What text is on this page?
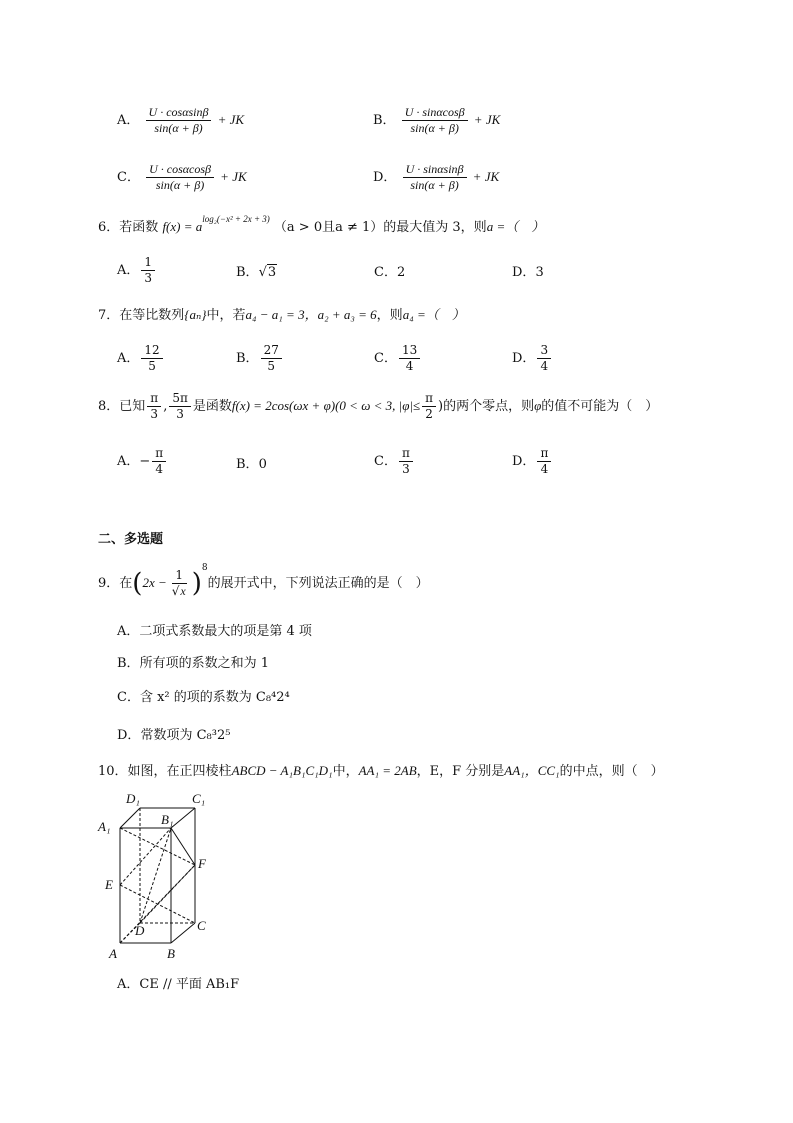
A． $\frac{U \cdot \cos\alpha\sin\beta}{\sin(\alpha + \beta)}$ + JK	B． $\frac{U \cdot \sin\alpha\cos\beta}{\sin(\alpha + \beta)}$ + JK
C． $\frac{U \cdot \cos\alpha\cos\beta}{\sin(\alpha + \beta)}$ + JK	D． $\frac{U \cdot \sin\alpha\sin\beta}{\sin(\alpha + \beta)}$ + JK
6．若函数 $f(x) = a^{log_2(-x^2 + 2x + 3)}$ （a > 0且a ≠ 1）的最大值为 3，则a =（　）
A． $\frac{1}{3}$	B．√3	C．2	D．3
7．在等比数列{aₙ}中，若a₄ − a₁ = 3，a₂ + a₃ = 6，则a₄ =（　）
A． $\frac{12}{5}$	B． $\frac{27}{5}$	C． $\frac{13}{4}$	D． $\frac{3}{4}$
8．已知 $\frac{\pi}{3}$ , $\frac{5\pi}{3}$ 是函数f(x) = 2cos(ωx + φ)(0 < ω < 3, $|\varphi|\le \frac{\pi}{2}$ )的两个零点，则φ的值不可能为（　）
A．− $\frac{\pi}{4}$	B．0	C． $\frac{\pi}{3}$	D． $\frac{\pi}{4}$
二、多选题
9．在$(2x - \frac{1}{√x} )^8$的展开式中，下列说法正确的是（　）
A．二项式系数最大的项是第 4 项
B．所有项的系数之和为 1
C．含 x² 的项的系数为 C₈⁴2⁴
D．常数项为 C₈³2⁵
10．如图，在正四棱柱ABCD − A₁B₁C₁D₁中，AA₁ = 2AB，E，F 分别是AA₁，CC₁的中点，则（　）
D₁	C₁
A₁	B₁
F
E
D	C
A	B
A．CE // 平面 AB₁F
